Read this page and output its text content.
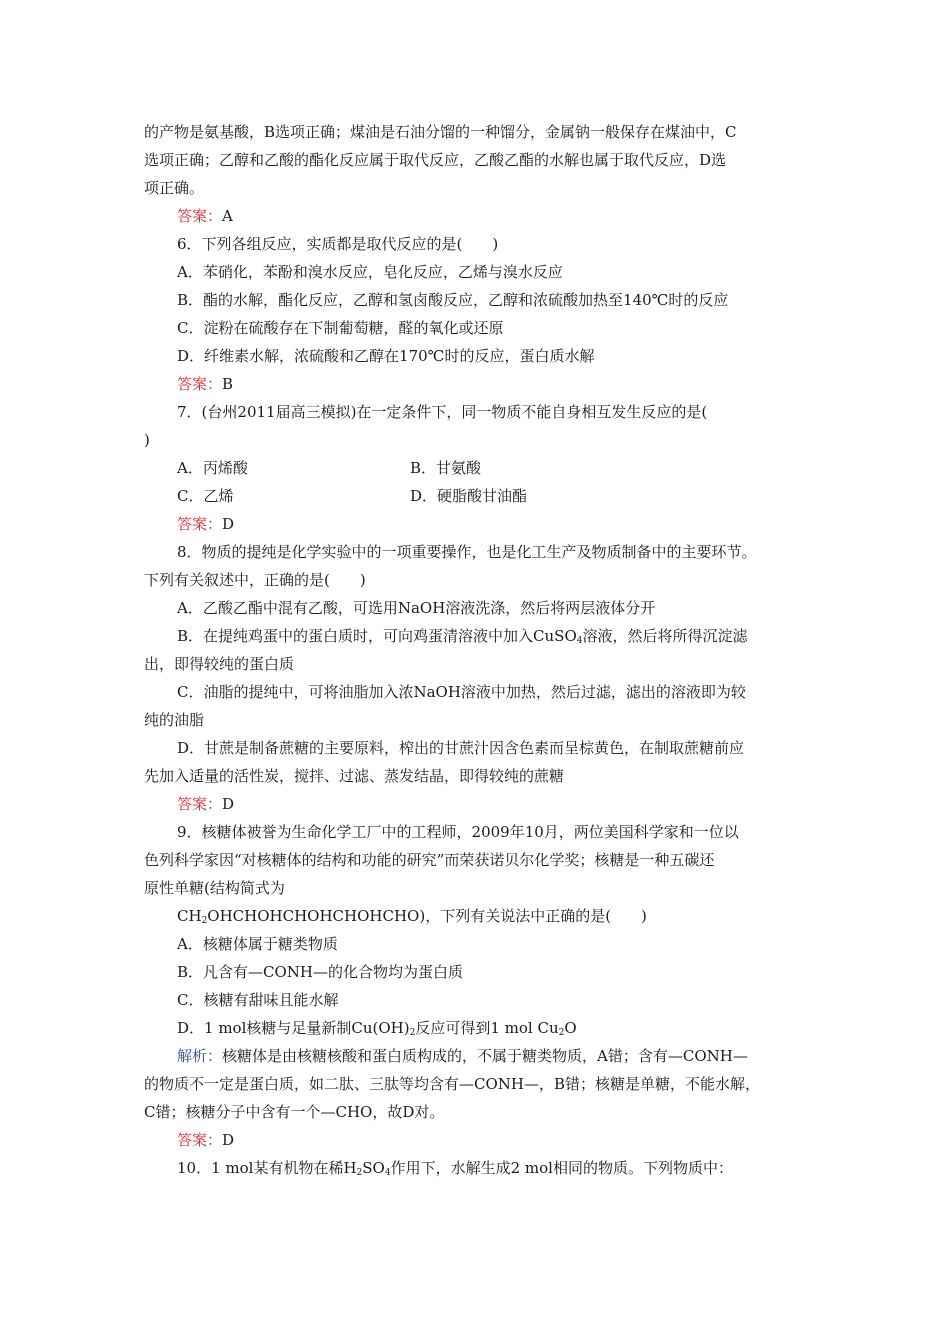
的产物是氨基酸，B选项正确；煤油是石油分馏的一种馏分，金属钠一般保存在煤油中，C
选项正确；乙醇和乙酸的酯化反应属于取代反应，乙酸乙酯的水解也属于取代反应，D选
项正确。
答案：A
6．下列各组反应，实质都是取代反应的是(　　)
A．苯硝化，苯酚和溴水反应，皂化反应，乙烯与溴水反应
B．酯的水解，酯化反应，乙醇和氢卤酸反应，乙醇和浓硫酸加热至140℃时的反应
C．淀粉在硫酸存在下制葡萄糖，醛的氧化或还原
D．纤维素水解，浓硫酸和乙醇在170℃时的反应，蛋白质水解
答案：B
7．(台州2011届高三模拟)在一定条件下，同一物质不能自身相互发生反应的是(
)
A．丙烯酸	B．甘氨酸
C．乙烯	D．硬脂酸甘油酯
答案：D
8．物质的提纯是化学实验中的一项重要操作，也是化工生产及物质制备中的主要环节。
下列有关叙述中，正确的是(　　)
A．乙酸乙酯中混有乙酸，可选用NaOH溶液洗涤，然后将两层液体分开
B．在提纯鸡蛋中的蛋白质时，可向鸡蛋清溶液中加入CuSO$_4$溶液，然后将所得沉淀滤
出，即得较纯的蛋白质
C．油脂的提纯中，可将油脂加入浓NaOH溶液中加热，然后过滤，滤出的溶液即为较
纯的油脂
D．甘蔗是制备蔗糖的主要原料，榨出的甘蔗汁因含色素而呈棕黄色，在制取蔗糖前应
先加入适量的活性炭，搅拌、过滤、蒸发结晶，即得较纯的蔗糖
答案：D
9．核糖体被誉为生命化学工厂中的工程师，2009年10月，两位美国科学家和一位以
色列科学家因“对核糖体的结构和功能的研究”而荣获诺贝尔化学奖；核糖是一种五碳还
原性单糖(结构简式为
$CH_2OHCHOHCHOHCHOHCHO$)，下列有关说法中正确的是(　　)
A．核糖体属于糖类物质
B．凡含有—CONH—的化合物均为蛋白质
C．核糖有甜味且能水解
D．1 mol核糖与足量新制$Cu(OH)_2$反应可得到1 mol $Cu_2O$
解析：核糖体是由核糖核酸和蛋白质构成的，不属于糖类物质，A错；含有—CONH—
的物质不一定是蛋白质，如二肽、三肽等均含有—CONH—，B错；核糖是单糖，不能水解，
C错；核糖分子中含有一个—CHO，故D对。
答案：D
10．1 mol某有机物在稀$H_2SO_4$作用下，水解生成2 mol相同的物质。下列物质中：
